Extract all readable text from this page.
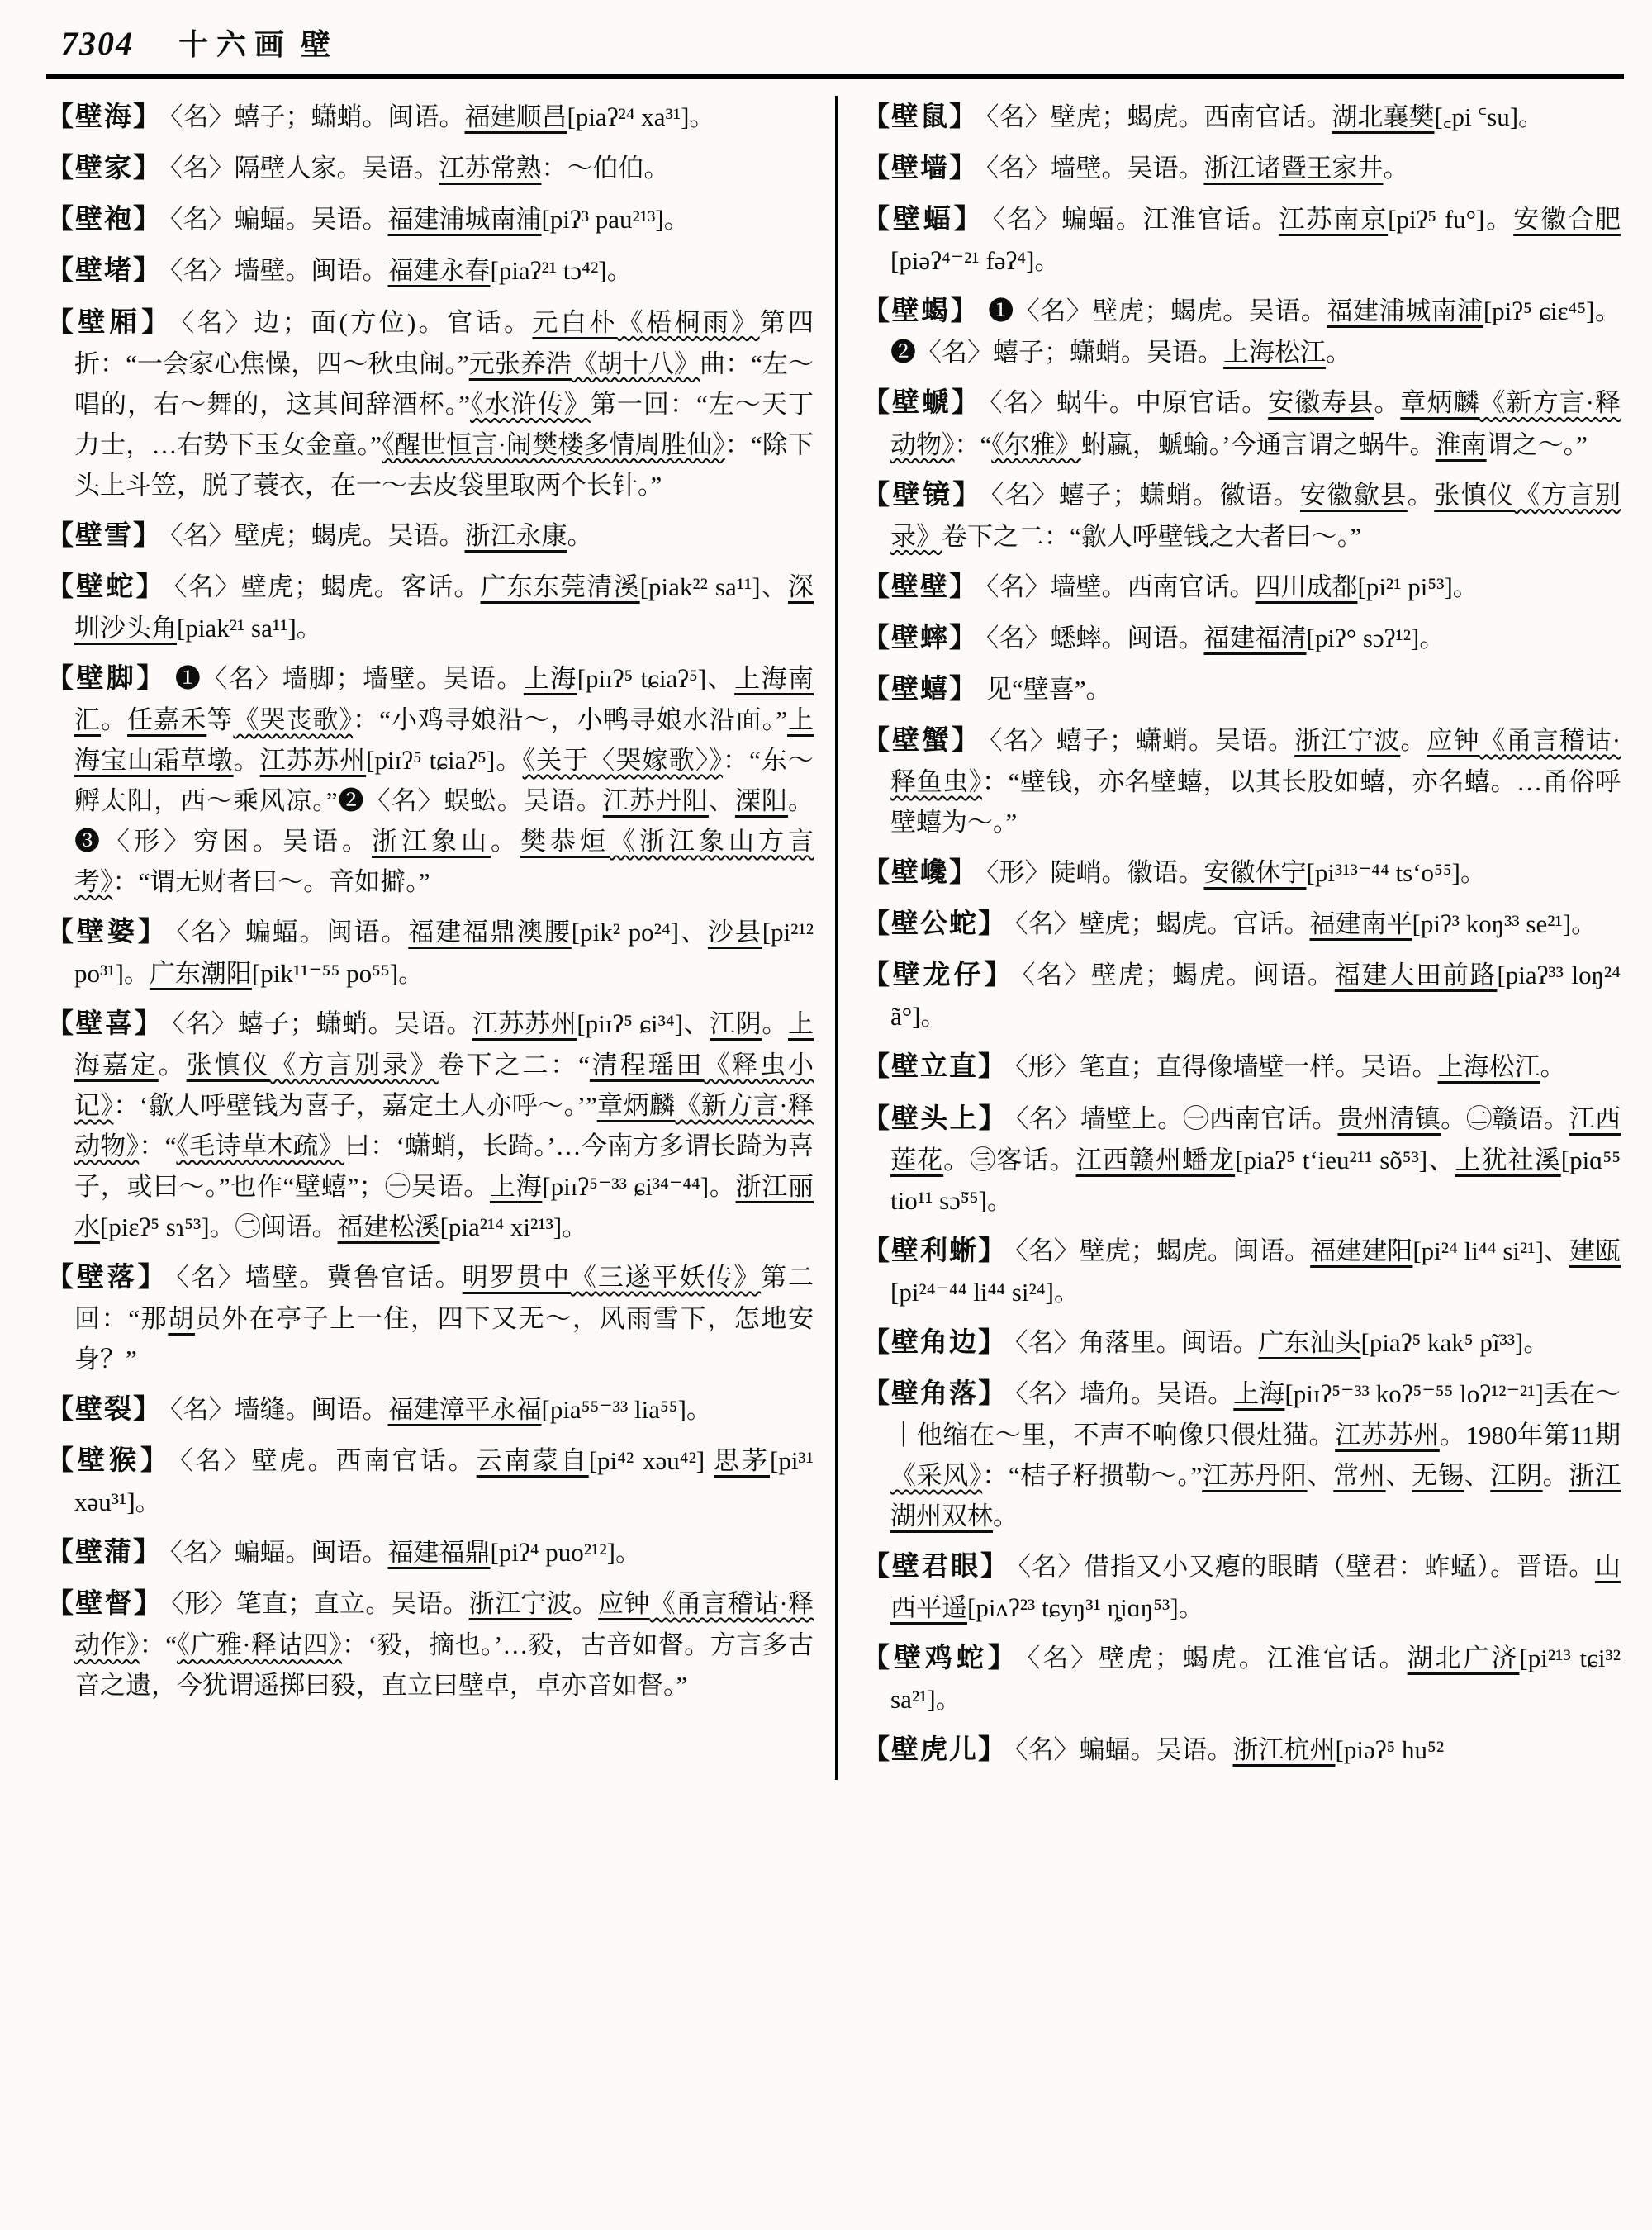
7304 十六画 壁
【壁海】 〈名〉蟢子；蟏蛸。闽语。福建顺昌[piaʔ²⁴ xa³¹]。
【壁家】 〈名〉隔壁人家。吴语。江苏常熟：～伯伯。
【壁袍】 〈名〉蝙蝠。吴语。福建浦城南浦[piʔ³ pau²¹³]。
【壁堵】 〈名〉墙壁。闽语。福建永春[piaʔ²¹ tɔ⁴²]。
【壁厢】 〈名〉边；面(方位)。官话。元白朴《梧桐雨》第四折：“一会家心焦懆，四～秋虫闹。”元张养浩《胡十八》曲：“左～唱的，右～舞的，这其间辞酒杯。”《水浒传》第一回：“左～天丁力士，…右势下玉女金童。”《醒世恒言·闹樊楼多情周胜仙》：“除下头上斗笠，脱了蓑衣，在一～去皮袋里取两个长针。”
【壁雪】 〈名〉壁虎；蝎虎。吴语。浙江永康。
【壁蛇】 〈名〉壁虎；蝎虎。客话。广东东莞清溪[piak²² sa¹¹]、深圳沙头角[piak²¹ sa¹¹]。
【壁脚】 ❶〈名〉墙脚；墙壁。吴语。上海[piɪʔ⁵ tɕiaʔ⁵]、上海南汇。任嘉禾等《哭丧歌》：“小鸡寻娘沿～，小鸭寻娘水沿面。”上海宝山霜草墩。江苏苏州[piɪʔ⁵ tɕiaʔ⁵]。《关于〈哭嫁歌〉》：“东～孵太阳，西～乘风凉。”❷〈名〉蜈蚣。吴语。江苏丹阳、溧阳。❸〈形〉穷困。吴语。浙江象山。樊恭烜《浙江象山方言考》：“谓无财者曰～。音如擗。”
【壁婆】 〈名〉蝙蝠。闽语。福建福鼎澳腰[pik² po²⁴]、沙县[pi²¹² po³¹]。广东潮阳[pik¹¹⁻⁵⁵ po⁵⁵]。
【壁喜】 〈名〉蟢子；蟏蛸。吴语。江苏苏州[piɪʔ⁵ ɕi³⁴]、江阴。上海嘉定。张慎仪《方言别录》卷下之二：“清程瑶田《释虫小记》：‘歙人呼壁钱为喜子，嘉定土人亦呼～。’”章炳麟《新方言·释动物》：“《毛诗草木疏》曰：‘蟏蛸，长踦。’…今南方多谓长踦为喜子，或曰～。”也作“壁蟢”；㊀吴语。上海[piɪʔ⁵⁻³³ ɕi³⁴⁻⁴⁴]。浙江丽水[piɛʔ⁵ sɿ⁵³]。㊁闽语。福建松溪[pia²¹⁴ xi²¹³]。
【壁落】 〈名〉墙壁。冀鲁官话。明罗贯中《三遂平妖传》第二回：“那胡员外在亭子上一住，四下又无～，风雨雪下，怎地安身？”
【壁裂】 〈名〉墙缝。闽语。福建漳平永福[pia⁵⁵⁻³³ lia⁵⁵]。
【壁猴】 〈名〉壁虎。西南官话。云南蒙自[pi⁴² xəu⁴²] 思茅[pi³¹ xəu³¹]。
【壁蒲】 〈名〉蝙蝠。闽语。福建福鼎[piʔ⁴ puo²¹²]。
【壁督】 〈形〉笔直；直立。吴语。浙江宁波。应钟《甬言稽诂·释动作》：“《广雅·释诂四》：‘豛，摘也。’…豛，古音如督。方言多古音之遗，今犹谓遥掷曰豛，直立曰壁卓，卓亦音如督。”
【壁鼠】 〈名〉壁虎；蝎虎。西南官话。湖北襄樊[꜀pi ꜂su]。
【壁墙】 〈名〉墙壁。吴语。浙江诸暨王家井。
【壁蝠】 〈名〉蝙蝠。江淮官话。江苏南京[piʔ⁵ fu°]。安徽合肥[piəʔ⁴⁻²¹ fəʔ⁴]。
【壁蝎】 ❶〈名〉壁虎；蝎虎。吴语。福建浦城南浦[piʔ⁵ ɕiɛ⁴⁵]。❷〈名〉蟢子；蟏蛸。吴语。上海松江。
【壁螔】 〈名〉蜗牛。中原官话。安徽寿县。章炳麟《新方言·释动物》：“《尔雅》蚹蠃，螔蝓。’今通言谓之蜗牛。淮南谓之～。”
【壁镜】 〈名〉蟢子；蟏蛸。徽语。安徽歙县。张慎仪《方言别录》卷下之二：“歙人呼壁钱之大者曰～。”
【壁壁】 〈名〉墙壁。西南官话。四川成都[pi²¹ pi⁵³]。
【壁蟀】 〈名〉蟋蟀。闽语。福建福清[piʔ° sɔʔ¹²]。
【壁蟢】 见“壁喜”。
【壁蟹】 〈名〉蟢子；蟏蛸。吴语。浙江宁波。应钟《甬言稽诂·释鱼虫》：“壁钱，亦名壁蟢，以其长股如蟢，亦名蟢。…甬俗呼壁蟢为～。”
【壁巉】 〈形〉陡峭。徽语。安徽休宁[pi³¹³⁻⁴⁴ tsʻo⁵⁵]。
【壁公蛇】 〈名〉壁虎；蝎虎。官话。福建南平[piʔ³ koŋ³³ se²¹]。
【壁龙仔】 〈名〉壁虎；蝎虎。闽语。福建大田前路[piaʔ³³ loŋ²⁴ ã°]。
【壁立直】 〈形〉笔直；直得像墙壁一样。吴语。上海松江。
【壁头上】 〈名〉墙壁上。㊀西南官话。贵州清镇。㊁赣语。江西莲花。㊂客话。江西赣州蟠龙[piaʔ⁵ tʻieu²¹¹ sõ⁵³]、上犹社溪[piɑ⁵⁵ tio¹¹ sɔ̃⁵⁵]。
【壁利蜥】 〈名〉壁虎；蝎虎。闽语。福建建阳[pi²⁴ li⁴⁴ si²¹]、建瓯[pi²⁴⁻⁴⁴ li⁴⁴ si²⁴]。
【壁角边】 〈名〉角落里。闽语。广东汕头[piaʔ⁵ kak⁵ pĩ³³]。
【壁角落】 〈名〉墙角。吴语。上海[piɪʔ⁵⁻³³ koʔ⁵⁻⁵⁵ loʔ¹²⁻²¹]丢在～｜他缩在～里，不声不响像只偎灶猫。江苏苏州。1980年第11期《采风》：“桔子籽掼勒～。”江苏丹阳、常州、无锡、江阴。浙江湖州双林。
【壁君眼】 〈名〉借指又小又瘪的眼睛（壁君：蚱蜢）。晋语。山西平遥[piʌʔ²³ tɕyŋ³¹ ȵiɑŋ⁵³]。
【壁鸡蛇】 〈名〉壁虎；蝎虎。江淮官话。湖北广济[pi²¹³ tɕi³² sa²¹]。
【壁虎儿】 〈名〉蝙蝠。吴语。浙江杭州[piəʔ⁵ hu⁵²
